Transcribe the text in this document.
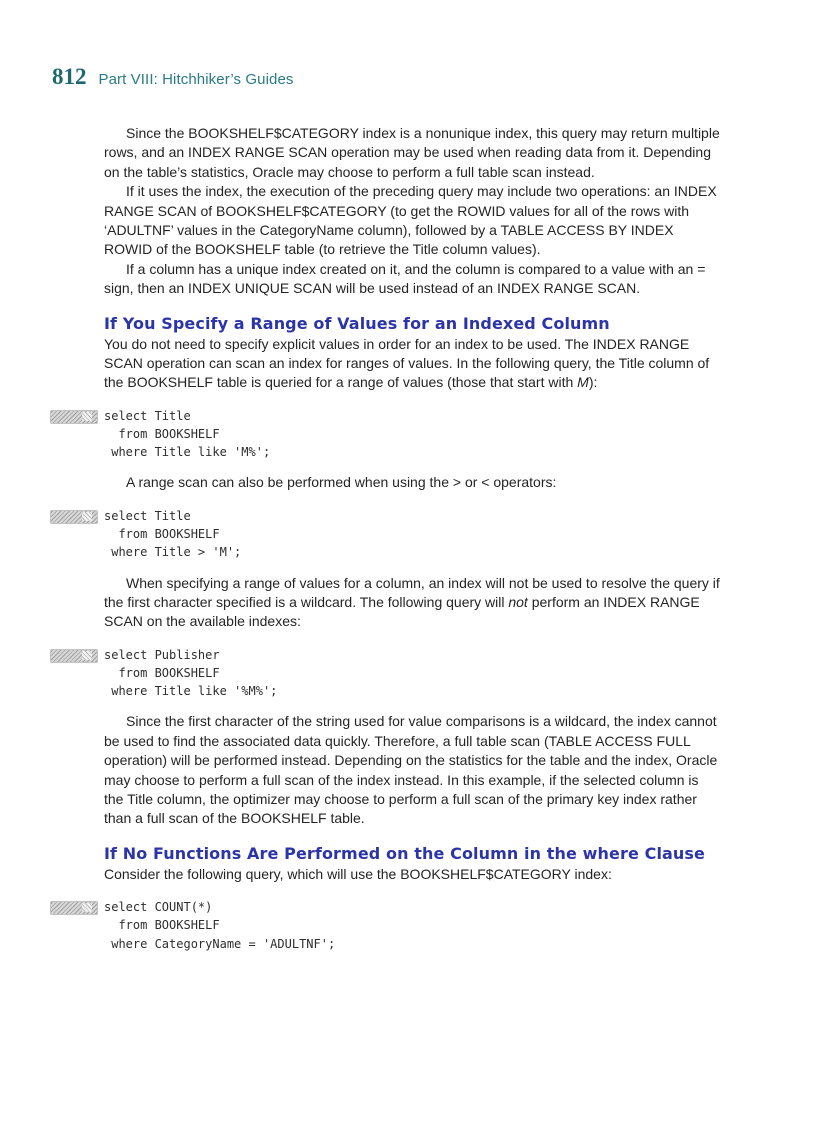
812 Part VIII: Hitchhiker’s Guides

Since the BOOKSHELF$CATEGORY index is a nonunique index, this query may return multiple rows, and an INDEX RANGE SCAN operation may be used when reading data from it. Depending on the table’s statistics, Oracle may choose to perform a full table scan instead.

If it uses the index, the execution of the preceding query may include two operations: an INDEX RANGE SCAN of BOOKSHELF$CATEGORY (to get the ROWID values for all of the rows with ‘ADULTNF’ values in the CategoryName column), followed by a TABLE ACCESS BY INDEX ROWID of the BOOKSHELF table (to retrieve the Title column values).

If a column has a unique index created on it, and the column is compared to a value with an = sign, then an INDEX UNIQUE SCAN will be used instead of an INDEX RANGE SCAN.

If You Specify a Range of Values for an Indexed Column

You do not need to specify explicit values in order for an index to be used. The INDEX RANGE SCAN operation can scan an index for ranges of values. In the following query, the Title column of the BOOKSHELF table is queried for a range of values (those that start with M):

select Title
from BOOKSHELF
where Title like 'M%';

A range scan can also be performed when using the > or < operators:

select Title
from BOOKSHELF
where Title > 'M';

When specifying a range of values for a column, an index will not be used to resolve the query if the first character specified is a wildcard. The following query will not perform an INDEX RANGE SCAN on the available indexes:

select Publisher
from BOOKSHELF
where Title like '%M%';

Since the first character of the string used for value comparisons is a wildcard, the index cannot be used to find the associated data quickly. Therefore, a full table scan (TABLE ACCESS FULL operation) will be performed instead. Depending on the statistics for the table and the index, Oracle may choose to perform a full scan of the index instead. In this example, if the selected column is the Title column, the optimizer may choose to perform a full scan of the primary key index rather than a full scan of the BOOKSHELF table.

If No Functions Are Performed on the Column in the where Clause

Consider the following query, which will use the BOOKSHELF$CATEGORY index:

select COUNT(*)
from BOOKSHELF
where CategoryName = 'ADULTNF';
